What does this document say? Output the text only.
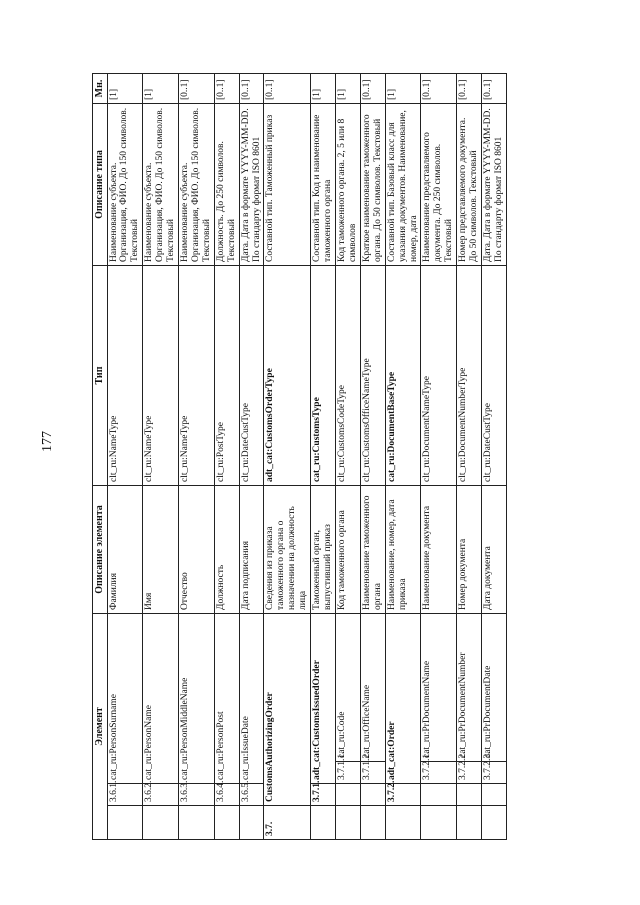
177
Элемент				Описание элемента	Тип	Описание типа	Мн.
	3.6.1.	cat_ru:PersonSurname		Фамилия	clt_ru:NameType	Наименование субъекта. Организация, ФИО. До 150 символов. Текстовый	[1]
	3.6.2.	cat_ru:PersonName		Имя	clt_ru:NameType	Наименование субъекта. Организация, ФИО. До 150 символов. Текстовый	[1]
	3.6.3.	cat_ru:PersonMiddleName		Отчество	clt_ru:NameType	Наименование субъекта. Организация, ФИО. До 150 символов. Текстовый	[0..1]
	3.6.4.	cat_ru:PersonPost		Должность	clt_ru:PostType	Должность. До 250 символов. Текстовый	[0..1]
	3.6.5.	cat_ru:IssueDate		Дата подписания	clt_ru:DateCustType	Дата. Дата в формате YYYY-MM-DD. По стандарту формат ISO 8601	[0..1]
3.7.	CustomsAuthorizingOrder			Сведения из приказа таможенного органа о назначении на должность лица	adt_cat:CustomsOrderType	Составной тип. Таможенный приказ	[0..1]
	3.7.1.	adt_cat:CustomsIssuedOrder		Таможенный орган, выпустивший приказ	cat_ru:CustomsType	Составной тип. Код и наименование таможенного органа	[1]
		3.7.1.1.	cat_ru:Code	Код таможенного органа	clt_ru:CustomsCodeType	Код таможенного органа. 2, 5 или 8 символов	[1]
		3.7.1.2.	cat_ru:OfficeName	Наименование таможенного органа	clt_ru:CustomsOfficeNameType	Краткое наименование таможенного органа. До 50 символов. Текстовый	[0..1]
	3.7.2.	adt_cat:Order		Наименование, номер, дата приказа	cat_ru:DocumentBaseType	Составной тип. Базовый класс для указания документов. Наименование, номер, дата	[1]
		3.7.2.1.	cat_ru:PrDocumentName	Наименование документа	clt_ru:DocumentNameType	Наименование представляемого документа. До 250 символов. Текстовый	[0..1]
		3.7.2.2.	cat_ru:PrDocumentNumber	Номер документа	clt_ru:DocumentNumberType	Номер представляемого документа. До 50 символов. Текстовый	[0..1]
		3.7.2.3.	cat_ru:PrDocumentDate	Дата документа	clt_ru:DateCustType	Дата. Дата в формате YYYY-MM-DD. По стандарту формат ISO 8601	[0..1]
